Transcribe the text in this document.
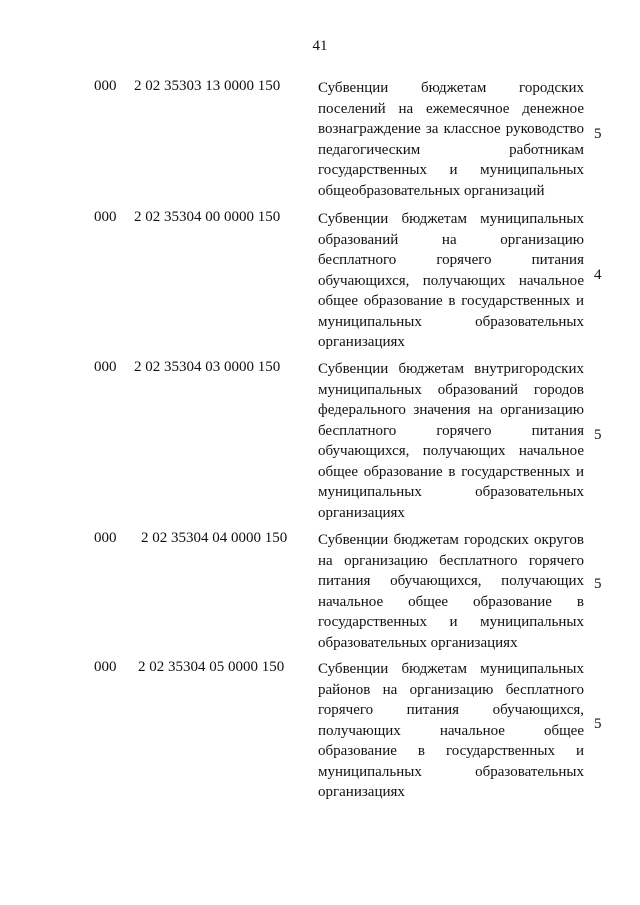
41
000 2 02 35303 13 0000 150	Субвенции бюджетам городских
поселений на ежемесячное денежное
вознаграждение за классное руководство
педагогическим работникам
государственных и муниципальных
общеобразовательных организаций
5
000 2 02 35304 00 0000 150	Субвенции бюджетам муниципальных
образований на организацию
бесплатного горячего питания
обучающихся, получающих начальное
общее образование в государственных и
муниципальных образовательных
организациях
4
000 2 02 35304 03 0000 150	Субвенции бюджетам внутригородских
муниципальных образований городов
федерального значения на организацию
бесплатного горячего питания
обучающихся, получающих начальное
общее образование в государственных и
муниципальных образовательных
организациях
5
000 2 02 35304 04 0000 150 Субвенции бюджетам городских округов
на организацию бесплатного горячего
питания обучающихся, получающих
начальное общее образование в
государственных и муниципальных
образовательных организациях
5
000 2 02 35304 05 0000 150 Субвенции бюджетам муниципальных
районов на организацию бесплатного
горячего питания обучающихся,
получающих начальное общее
образование в государственных и
муниципальных образовательных
организациях
5
